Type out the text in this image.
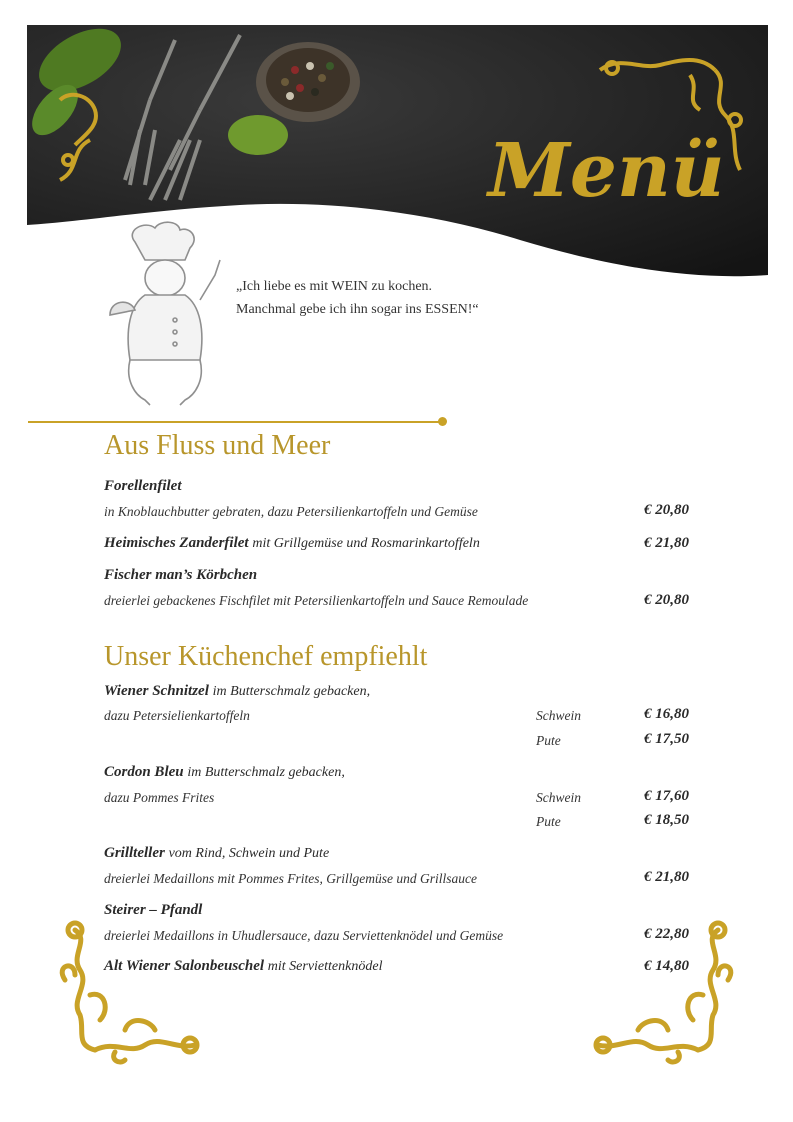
Menü
„Ich liebe es mit WEIN zu kochen.
Manchmal gebe ich ihn sogar ins ESSEN!“
Aus Fluss und Meer
Forellenfilet
in Knoblauchbutter gebraten, dazu Petersilienkartoffeln und Gemüse	€ 20,80
Heimisches Zanderfilet mit Grillgemüse und Rosmarinkartoffeln	€ 21,80
Fischer man’s Körbchen
dreierlei gebackenes Fischfilet mit Petersilienkartoffeln und Sauce Remoulade	€ 20,80
Unser Küchenchef empfiehlt
Wiener Schnitzel im Butterschmalz gebacken,
dazu Petersielienkartoffeln	Schwein	€ 16,80
Pute	€ 17,50
Cordon Bleu im Butterschmalz gebacken,
dazu Pommes Frites	Schwein	€ 17,60
Pute	€ 18,50
Grillteller vom Rind, Schwein und Pute
dreierlei Medaillons mit Pommes Frites, Grillgemüse und Grillsauce	€ 21,80
Steirer – Pfandl
dreierlei Medaillons in Uhudlersauce, dazu Serviettenknödel und Gemüse	€ 22,80
Alt Wiener Salonbeuschel mit Serviettenknödel	€ 14,80
